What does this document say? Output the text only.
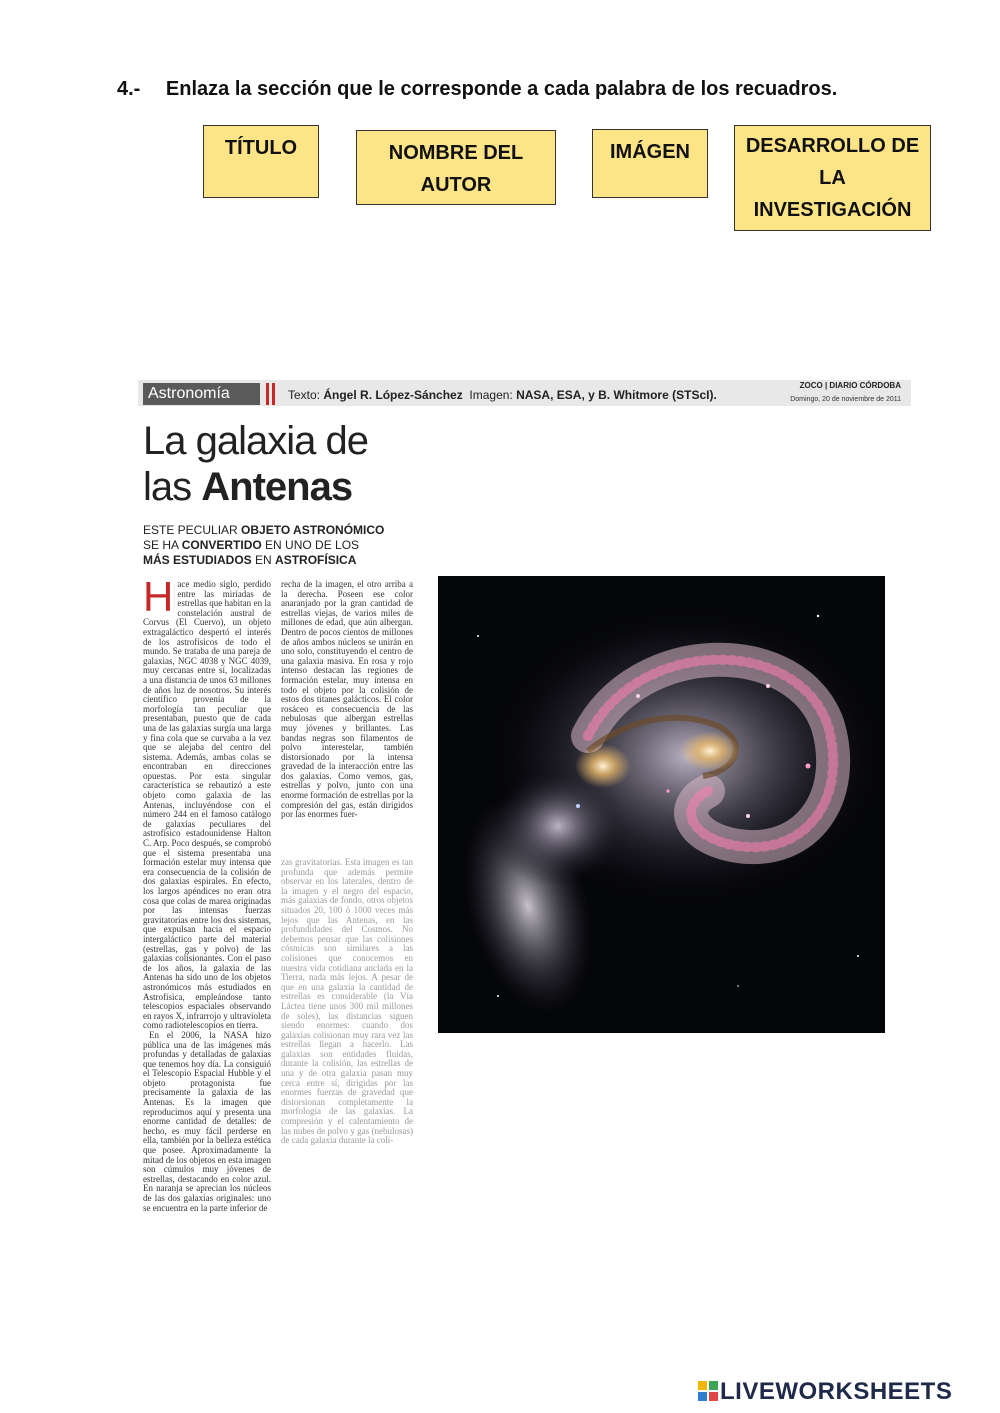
4.- Enlaza la sección que le corresponde a cada palabra de los recuadros.
TÍTULO	NOMBRE DEL
AUTOR
IMÁGEN	DESARROLLO DE
LA
INVESTIGACIÓN
Astronomía	Texto: Ángel R. López-Sánchez Imagen: NASA, ESA, y B. Whitmore (STScI).
ZOCO | DIARIO CÓRDOBA
Domingo, 20 de noviembre de 2011
La galaxia de
las Antenas
ESTE PECULIAR OBJETO ASTRONÓMICO
SE HA CONVERTIDO EN UNO DE LOS
MÁS ESTUDIADOS EN ASTROFÍSICA
H ace medio siglo, perdido entre las miríadas de estrellas que habitan en la constelación austral de Corvus (El Cuervo), un objeto extragaláctico despertó el interés de los astrofísicos de todo el mundo. Se trataba de una pareja de galaxias, NGC 4038 y NGC 4039, muy cercanas entre sí, localizadas a una distancia de unos 63 millones de años luz de nosotros. Su interés científico provenía de la morfología tan peculiar que presentaban, puesto que de cada una de las galaxias surgía una larga y fina cola que se curvaba a la vez que se alejaba del centro del sistema. Además, ambas colas se encontraban en direcciones opuestas. Por esta singular característica se rebautizó a este objeto como galaxia de las Antenas, incluyéndose con el número 244 en el famoso catálogo de galaxias peculiares del astrofísico estadounidense Halton C. Arp. Poco después, se comprobó que el sistema presentaba una formación estelar muy intensa que era consecuencia de la colisión de dos galaxias espirales. En efecto, los largos apéndices no eran otra cosa que colas de marea originadas por las intensas fuerzas gravitatorias entre los dos sistemas, que expulsan hacia el espacio intergaláctico parte del material (estrellas, gas y polvo) de las galaxias colisionantes. Con el paso de los años, la galaxia de las Antenas ha sido uno de los objetos astronómicos más estudiados en Astrofísica, empleándose tanto telescopios espaciales observando en rayos X, infrarrojo y ultravioleta como radiotelescopios en tierra.
En el 2006, la NASA hizo pública una de las imágenes más profundas y detalladas de galaxias que tenemos hoy día. La consiguió el Telescopio Espacial Hubble y el objeto protagonista fue precisamente la galaxia de las Antenas. Es la imagen que reproducimos aquí y presenta una enorme cantidad de detalles: de hecho, es muy fácil perderse en ella, también por la belleza estética que posee. Aproximadamente la mitad de los objetos en esta imagen son cúmulos muy jóvenes de estrellas, destacando en color azul. En naranja se aprecian los núcleos de las dos galaxias originales: uno se encuentra en la parte inferior de
recha de la imagen, el otro arriba a la derecha. Poseen ese color anaranjado por la gran cantidad de estrellas viejas, de varios miles de millones de edad, que aún albergan. Dentro de pocos cientos de millones de años ambos núcleos se unirán en uno solo, constituyendo el centro de una galaxia masiva. En rosa y rojo intenso destacan las regiones de formación estelar, muy intensa en todo el objeto por la colisión de estos dos titanes galácticos. El color rosáceo es consecuencia de las nebulosas que albergan estrellas muy jóvenes y brillantes. Las bandas negras son filamentos de polvo interestelar, también distorsionado por la intensa gravedad de la interacción entre las dos galaxias. Como vemos, gas, estrellas y polvo, junto con una enorme formación de estrellas por la compresión del gas, están dirigidos por las enormes fuer-
zas gravitatorias. Esta imagen es tan profunda que además permite observar en los laterales, dentro de la imagen y el negro del espacio, más galaxias de fondo, otros objetos situados 20, 100 ó 1000 veces más lejos que las Antenas, en las profundidades del Cosmos. No debemos pensar que las colisiones cósmicas son similares a las colisiones que conocemos en nuestra vida cotidiana anclada en la Tierra, nada más lejos. A pesar de que en una galaxia la cantidad de estrellas es considerable (la Vía Láctea tiene unos 300 mil millones de soles), las distancias siguen siendo enormes: cuando dos galaxias colisionan muy rara vez las estrellas llegan a hacerlo. Las galaxias son entidades fluidas, durante la colisión, las estrellas de una y de otra galaxia pasan muy cerca entre sí, dirigidas por las enormes fuerzas de gravedad que distorsionan completamente la morfología de las galaxias. La compresión y el calentamiento de las nubes de polvo y gas (nebulosas) de cada galaxia durante la coli-
LIVEWORKSHEETS
